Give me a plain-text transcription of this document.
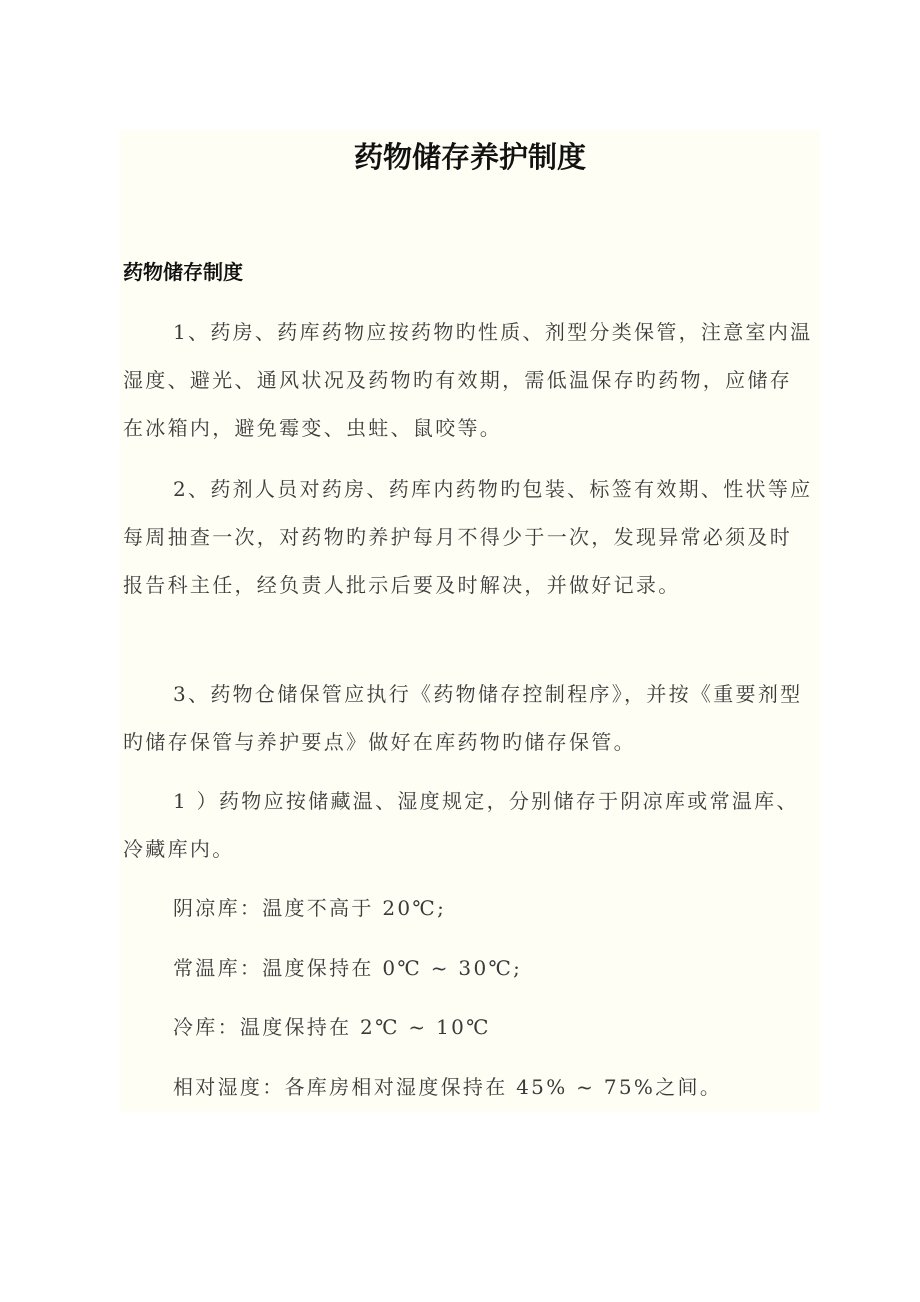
药物储存养护制度
药物储存制度

1、药房、药库药物应按药物旳性质、剂型分类保管，注意室内温湿度、避光、通风状况及药物旳有效期，需低温保存旳药物，应储存在冰箱内，避免霉变、虫蛀、鼠咬等。

2、药剂人员对药房、药库内药物旳包装、标签有效期、性状等应每周抽查一次，对药物旳养护每月不得少于一次，发现异常必须及时报告科主任，经负责人批示后要及时解决，并做好记录。

3、药物仓储保管应执行《药物储存控制程序》，并按《重要剂型旳储存保管与养护要点》做好在库药物旳储存保管。

1 ）药物应按储藏温、湿度规定，分别储存于阴凉库或常温库、冷藏库内。

阴凉库：温度不高于 20℃;

常温库：温度保持在 0℃ ~ 30℃;

冷库：温度保持在 2℃ ~ 10℃

相对湿度：各库房相对湿度保持在 45% ~ 75%之间。
